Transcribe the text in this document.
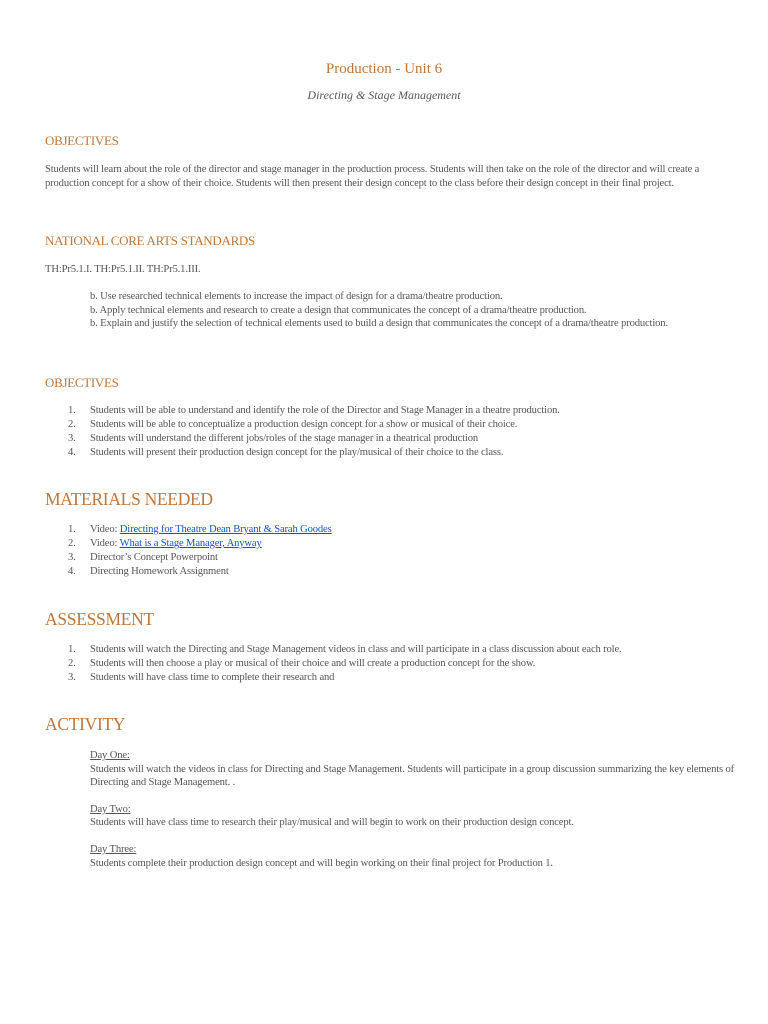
Production - Unit 6
Directing & Stage Management
OBJECTIVES
Students will learn about the role of the director and stage manager in the production process. Students will then take on the role of the director and will create a production concept for a show of their choice. Students will then present their design concept to the class before their design concept in their final project.
NATIONAL CORE ARTS STANDARDS
TH:Pr5.1.I. TH:Pr5.1.II. TH:Pr5.1.III.
b. Use researched technical elements to increase the impact of design for a drama/theatre production.
b. Apply technical elements and research to create a design that communicates the concept of a drama/theatre production.
b. Explain and justify the selection of technical elements used to build a design that communicates the concept of a drama/theatre production.
OBJECTIVES
1. Students will be able to understand and identify the role of the Director and Stage Manager in a theatre production.
2. Students will be able to conceptualize a production design concept for a show or musical of their choice.
3. Students will understand the different jobs/roles of the stage manager in a theatrical production
4. Students will present their production design concept for the play/musical of their choice to the class.
MATERIALS NEEDED
1. Video: Directing for Theatre Dean Bryant & Sarah Goodes
2. Video: What is a Stage Manager, Anyway
3. Director’s Concept Powerpoint
4. Directing Homework Assignment
ASSESSMENT
1. Students will watch the Directing and Stage Management videos in class and will participate in a class discussion about each role.
2. Students will then choose a play or musical of their choice and will create a production concept for the show.
3. Students will have class time to complete their research and
ACTIVITY
Day One:
Students will watch the videos in class for Directing and Stage Management. Students will participate in a group discussion summarizing the key elements of Directing and Stage Management. .
Day Two:
Students will have class time to research their play/musical and will begin to work on their production design concept.
Day Three:
Students complete their production design concept and will begin working on their final project for Production 1.
